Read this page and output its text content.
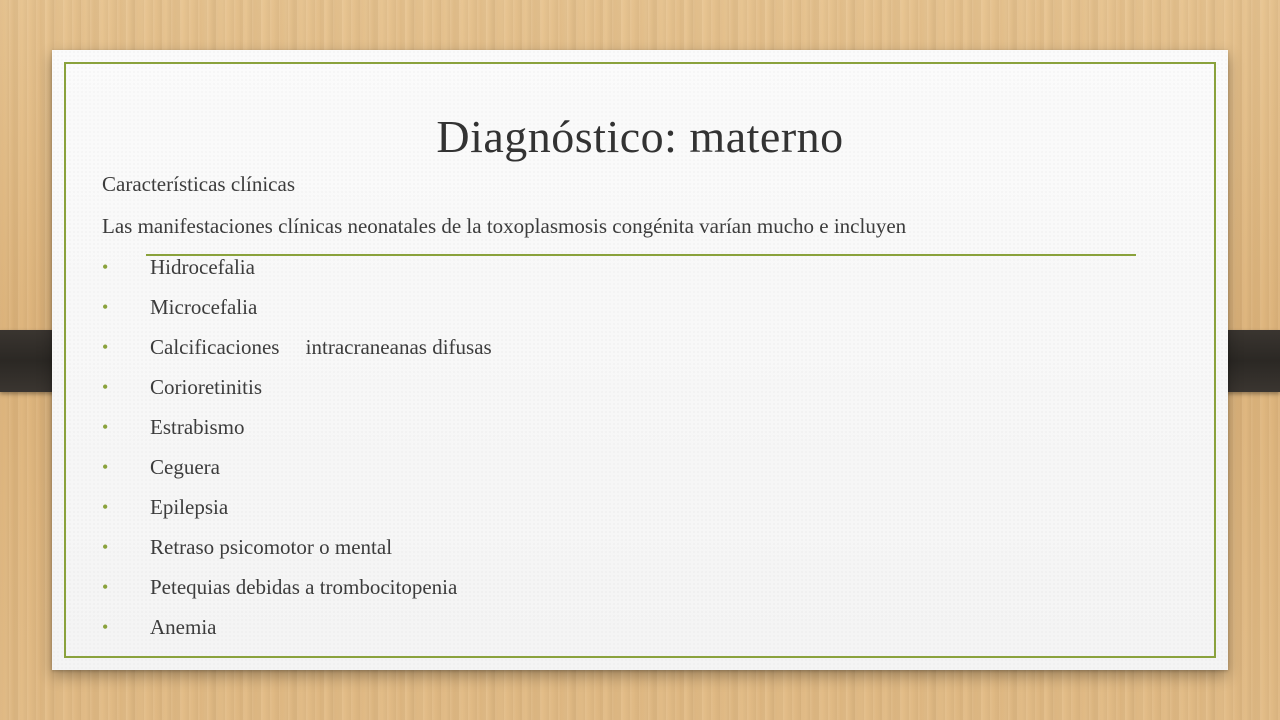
Diagnóstico: materno
Características clínicas
Las manifestaciones clínicas neonatales de la toxoplasmosis congénita varían mucho e incluyen
• Hidrocefalia
• Microcefalia
• Calcificaciones     intracraneanas difusas
• Corioretinitis
• Estrabismo
• Ceguera
• Epilepsia
• Retraso psicomotor o mental
• Petequias debidas a trombocitopenia
• Anemia
